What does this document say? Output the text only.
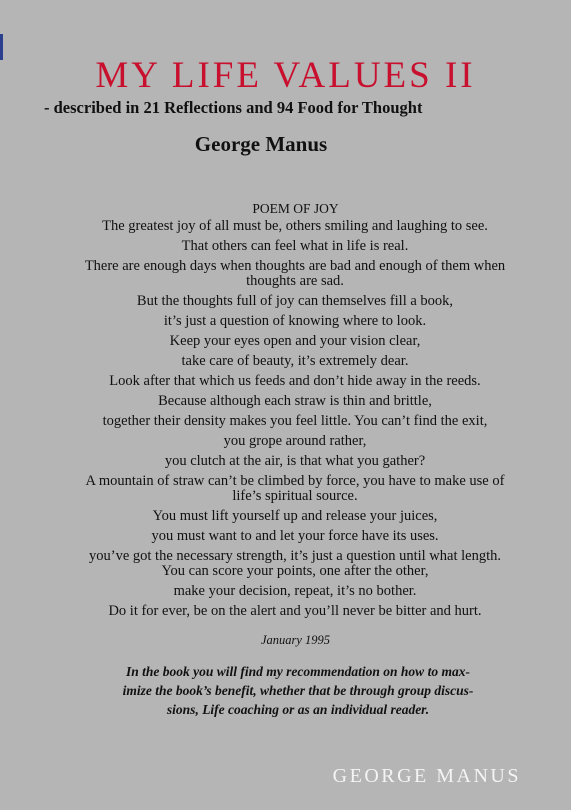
MY LIFE VALUES II
- described in 21 Reflections and 94 Food for Thought
George Manus
POEM OF JOY
The greatest joy of all must be, others smiling and laughing to see.
That others can feel what in life is real.
There are enough days when thoughts are bad and enough of them when thoughts are sad.
But the thoughts full of joy can themselves fill a book,
it’s just a question of knowing where to look.
Keep your eyes open and your vision clear,
take care of beauty, it’s extremely dear.
Look after that which us feeds and don’t hide away in the reeds.
Because although each straw is thin and brittle,
together their density makes you feel little. You can’t find the exit,
you grope around rather,
you clutch at the air, is that what you gather?
A mountain of straw can’t be climbed by force, you have to make use of life’s spiritual source.
You must lift yourself up and release your juices,
you must want to and let your force have its uses.
you’ve got the necessary strength, it’s just a question until what length. You can score your points, one after the other,
make your decision, repeat, it’s no bother.
Do it for ever, be on the alert and you’ll never be bitter and hurt.
January 1995
In the book you will find my recommendation on how to max-
imize the book’s benefit, whether that be through group discus-
sions, Life coaching or as an individual reader.
GEORGE MANUS
